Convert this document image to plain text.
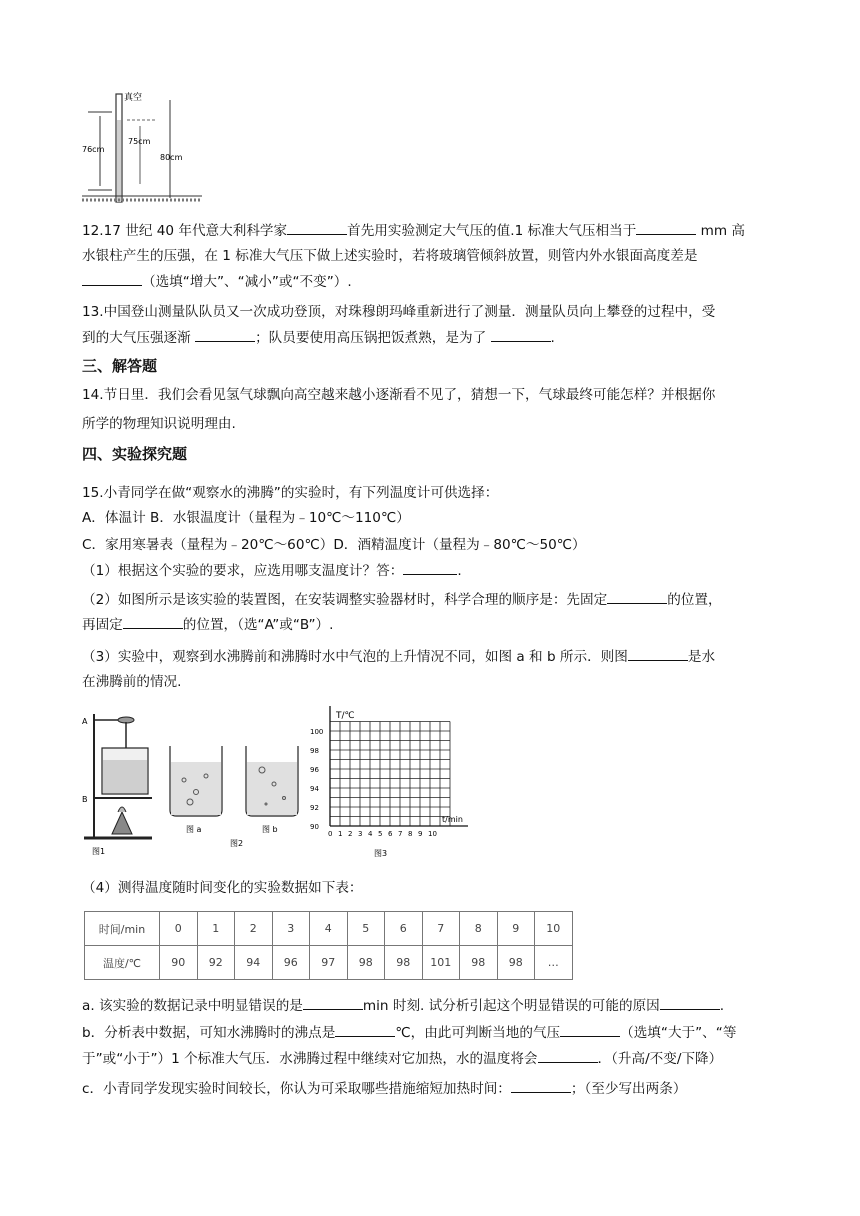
真空
76cm
75cm
80cm
12.17 世纪 40 年代意大利科学家	首先用实验测定大气压的值.1 标准大气压相当于	mm 高
水银柱产生的压强，在 1 标准大气压下做上述实验时，若将玻璃管倾斜放置，则管内外水银面高度差是
（选填“增大”、“减小”或“不变”）.
13.中国登山测量队队员又一次成功登顶，对珠穆朗玛峰重新进行了测量．测量队员向上攀登的过程中，受
到的大气压强逐渐	；队员要使用高压锅把饭煮熟，是为了	.
三、解答题
14.节日里．我们会看见氢气球飘向高空越来越小逐渐看不见了，猜想一下，气球最终可能怎样？并根据你
所学的物理知识说明理由.
四、实验探究题
15.小青同学在做“观察水的沸腾”的实验时，有下列温度计可供选择：
A．体温计 B．水银温度计（量程为﹣10℃～110℃）
C．家用寒暑表（量程为﹣20℃～60℃）D．酒精温度计（量程为﹣80℃～50℃）
（1）根据这个实验的要求，应选用哪支温度计？答：	.
（2）如图所示是该实验的装置图，在安装调整实验器材时，科学合理的顺序是：先固定	的位置，
再固定	的位置，（选“A”或“B”）.
（3）实验中，观察到水沸腾前和沸腾时水中气泡的上升情况不同，如图 a 和 b 所示．则图	是水
在沸腾前的情况.
A
B
图1
图 a	图 b
图2
T/℃
t/min
100
98
96
94
92
90
0 1 2 3 4 5 6 7 8 9 10
图3
（4）测得温度随时间变化的实验数据如下表：
时间/min	0	1	2	3	4	5	6	7	8	9	10
温度/℃	90	92	94	96	97	98	98	101	98	98	…
a. 该实验的数据记录中明显错误的是	min 时刻. 试分析引起这个明显错误的可能的原因	.
b．分析表中数据，可知水沸腾时的沸点是	℃，由此可判断当地的气压	（选填“大于”、“等
于”或“小于”）1 个标准大气压．水沸腾过程中继续对它加热，水的温度将会	．（升高/不变/下降）
c．小青同学发现实验时间较长，你认为可采取哪些措施缩短加热时间：	；（至少写出两条）
